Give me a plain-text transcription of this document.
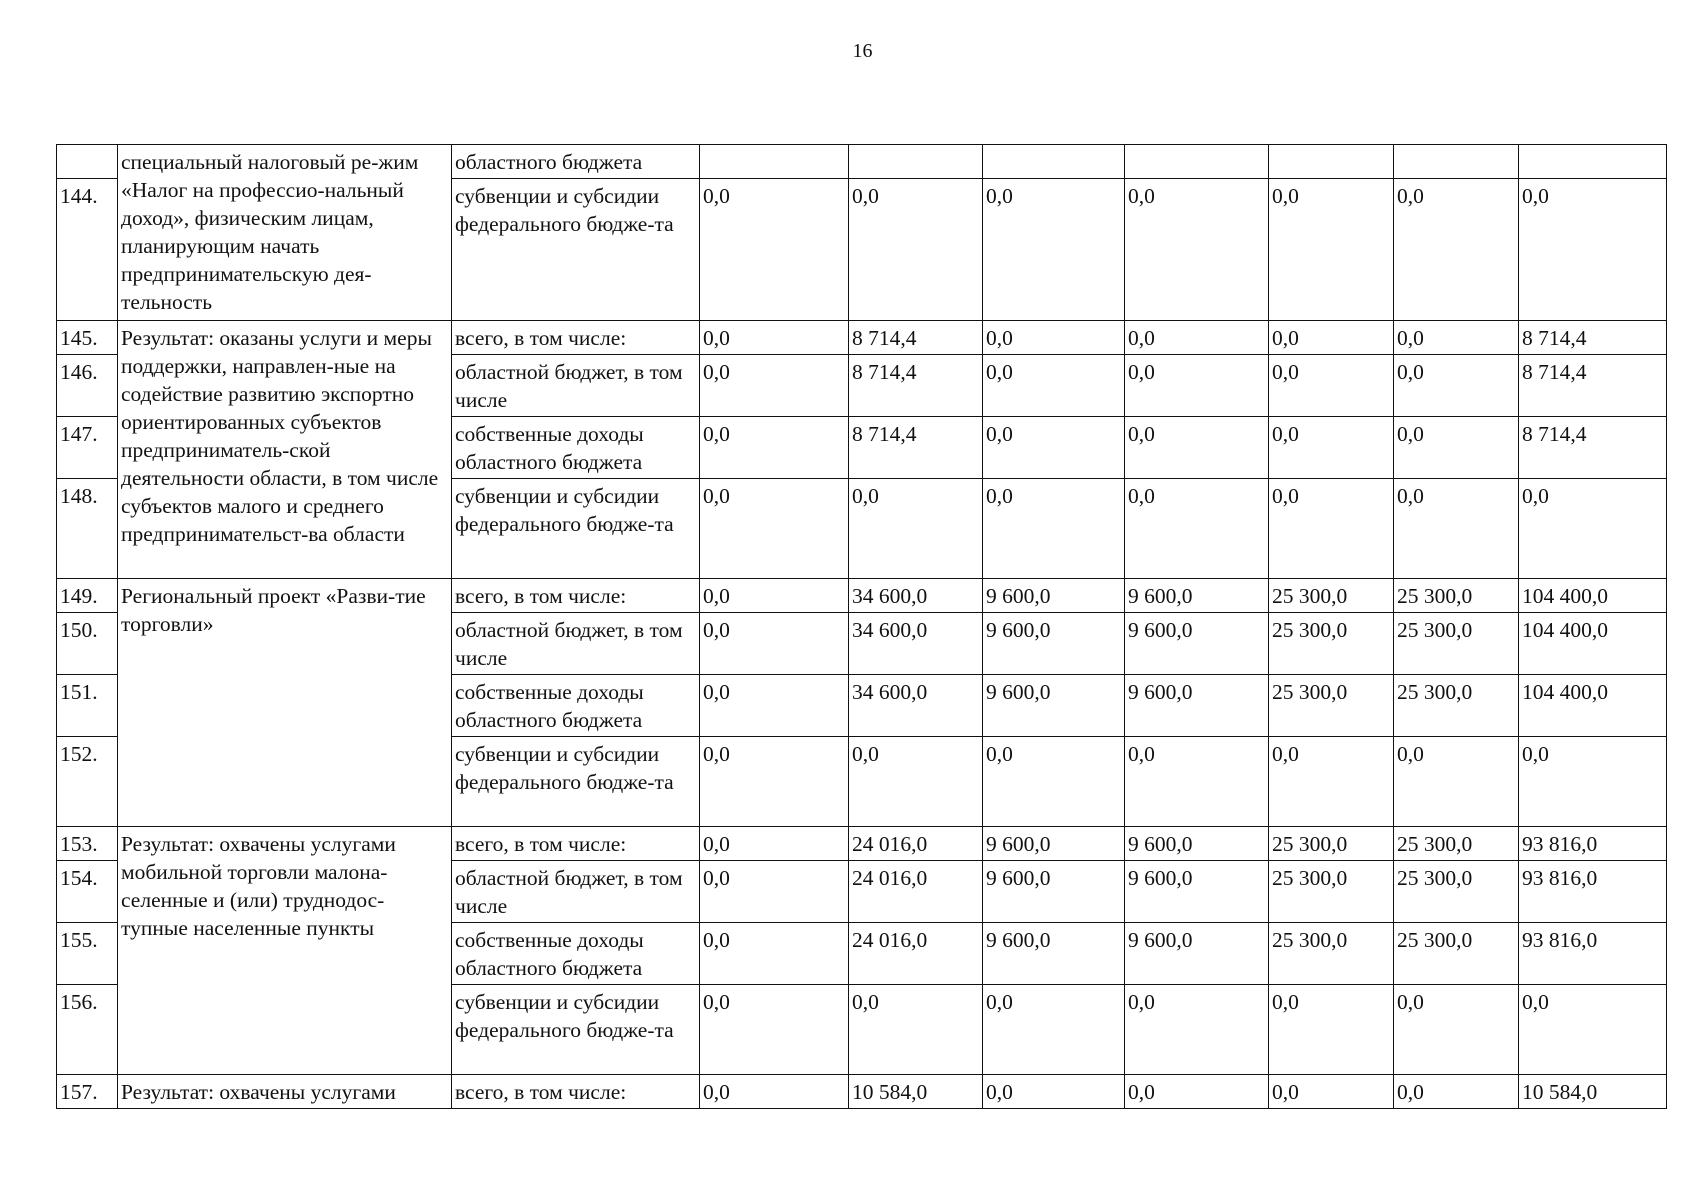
16
	специальный налоговый ре-жим «Налог на профессио-нальный доход», физическим лицам, планирующим начать предпринимательскую дея-тельность	областного бюджета							
144.		субвенции и субсидии федерального бюдже-та	0,0	0,0	0,0	0,0	0,0	0,0	0,0
145.	Результат: оказаны услуги и меры поддержки, направлен-ные на содействие развитию экспортно ориентированных субъектов предприниматель-ской деятельности области, в том числе субъектов малого и среднего предпринимательст-ва области	всего, в том числе:	0,0	8 714,4	0,0	0,0	0,0	0,0	8 714,4
146.		областной бюджет, в том числе	0,0	8 714,4	0,0	0,0	0,0	0,0	8 714,4
147.		собственные доходы областного бюджета	0,0	8 714,4	0,0	0,0	0,0	0,0	8 714,4
148.		субвенции и субсидии федерального бюдже-та	0,0	0,0	0,0	0,0	0,0	0,0	0,0
149.	Региональный проект «Разви-тие торговли»	всего, в том числе:	0,0	34 600,0	9 600,0	9 600,0	25 300,0	25 300,0	104 400,0
150.		областной бюджет, в том числе	0,0	34 600,0	9 600,0	9 600,0	25 300,0	25 300,0	104 400,0
151.		собственные доходы областного бюджета	0,0	34 600,0	9 600,0	9 600,0	25 300,0	25 300,0	104 400,0
152.		субвенции и субсидии федерального бюдже-та	0,0	0,0	0,0	0,0	0,0	0,0	0,0
153.	Результат: охвачены услугами мобильной торговли малона-селенные и (или) труднодос-тупные населенные пункты	всего, в том числе:	0,0	24 016,0	9 600,0	9 600,0	25 300,0	25 300,0	93 816,0
154.		областной бюджет, в том числе	0,0	24 016,0	9 600,0	9 600,0	25 300,0	25 300,0	93 816,0
155.		собственные доходы областного бюджета	0,0	24 016,0	9 600,0	9 600,0	25 300,0	25 300,0	93 816,0
156.		субвенции и субсидии федерального бюдже-та	0,0	0,0	0,0	0,0	0,0	0,0	0,0
157.	Результат: охвачены услугами	всего, в том числе:	0,0	10 584,0	0,0	0,0	0,0	0,0	10 584,0
